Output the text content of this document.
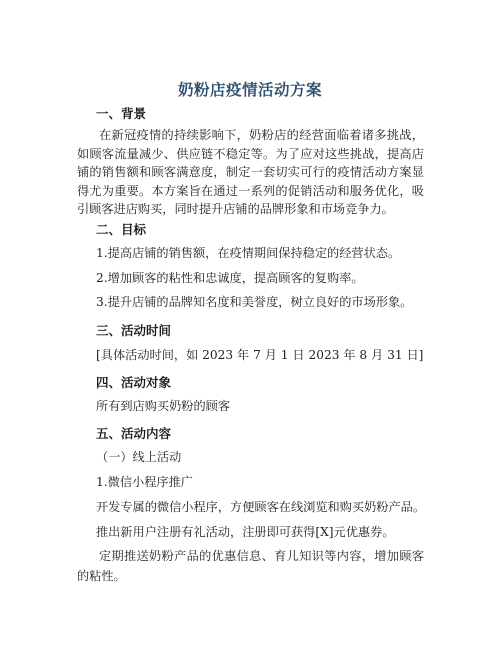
奶粉店疫情活动方案
一、背景
在新冠疫情的持续影响下，奶粉店的经营面临着诸多挑战，如顾客流量减少、供应链不稳定等。为了应对这些挑战，提高店铺的销售额和顾客满意度，制定一套切实可行的疫情活动方案显得尤为重要。本方案旨在通过一系列的促销活动和服务优化，吸引顾客进店购买，同时提升店铺的品牌形象和市场竞争力。
二、目标
1.提高店铺的销售额，在疫情期间保持稳定的经营状态。
2.增加顾客的粘性和忠诚度，提高顾客的复购率。
3.提升店铺的品牌知名度和美誉度，树立良好的市场形象。
三、活动时间
[具体活动时间，如 2023 年 7 月 1 日 2023 年 8 月 31 日]
四、活动对象
所有到店购买奶粉的顾客
五、活动内容
（一）线上活动
1.微信小程序推广
开发专属的微信小程序，方便顾客在线浏览和购买奶粉产品。
推出新用户注册有礼活动，注册即可获得[X]元优惠券。
定期推送奶粉产品的优惠信息、育儿知识等内容，增加顾客的粘性。
